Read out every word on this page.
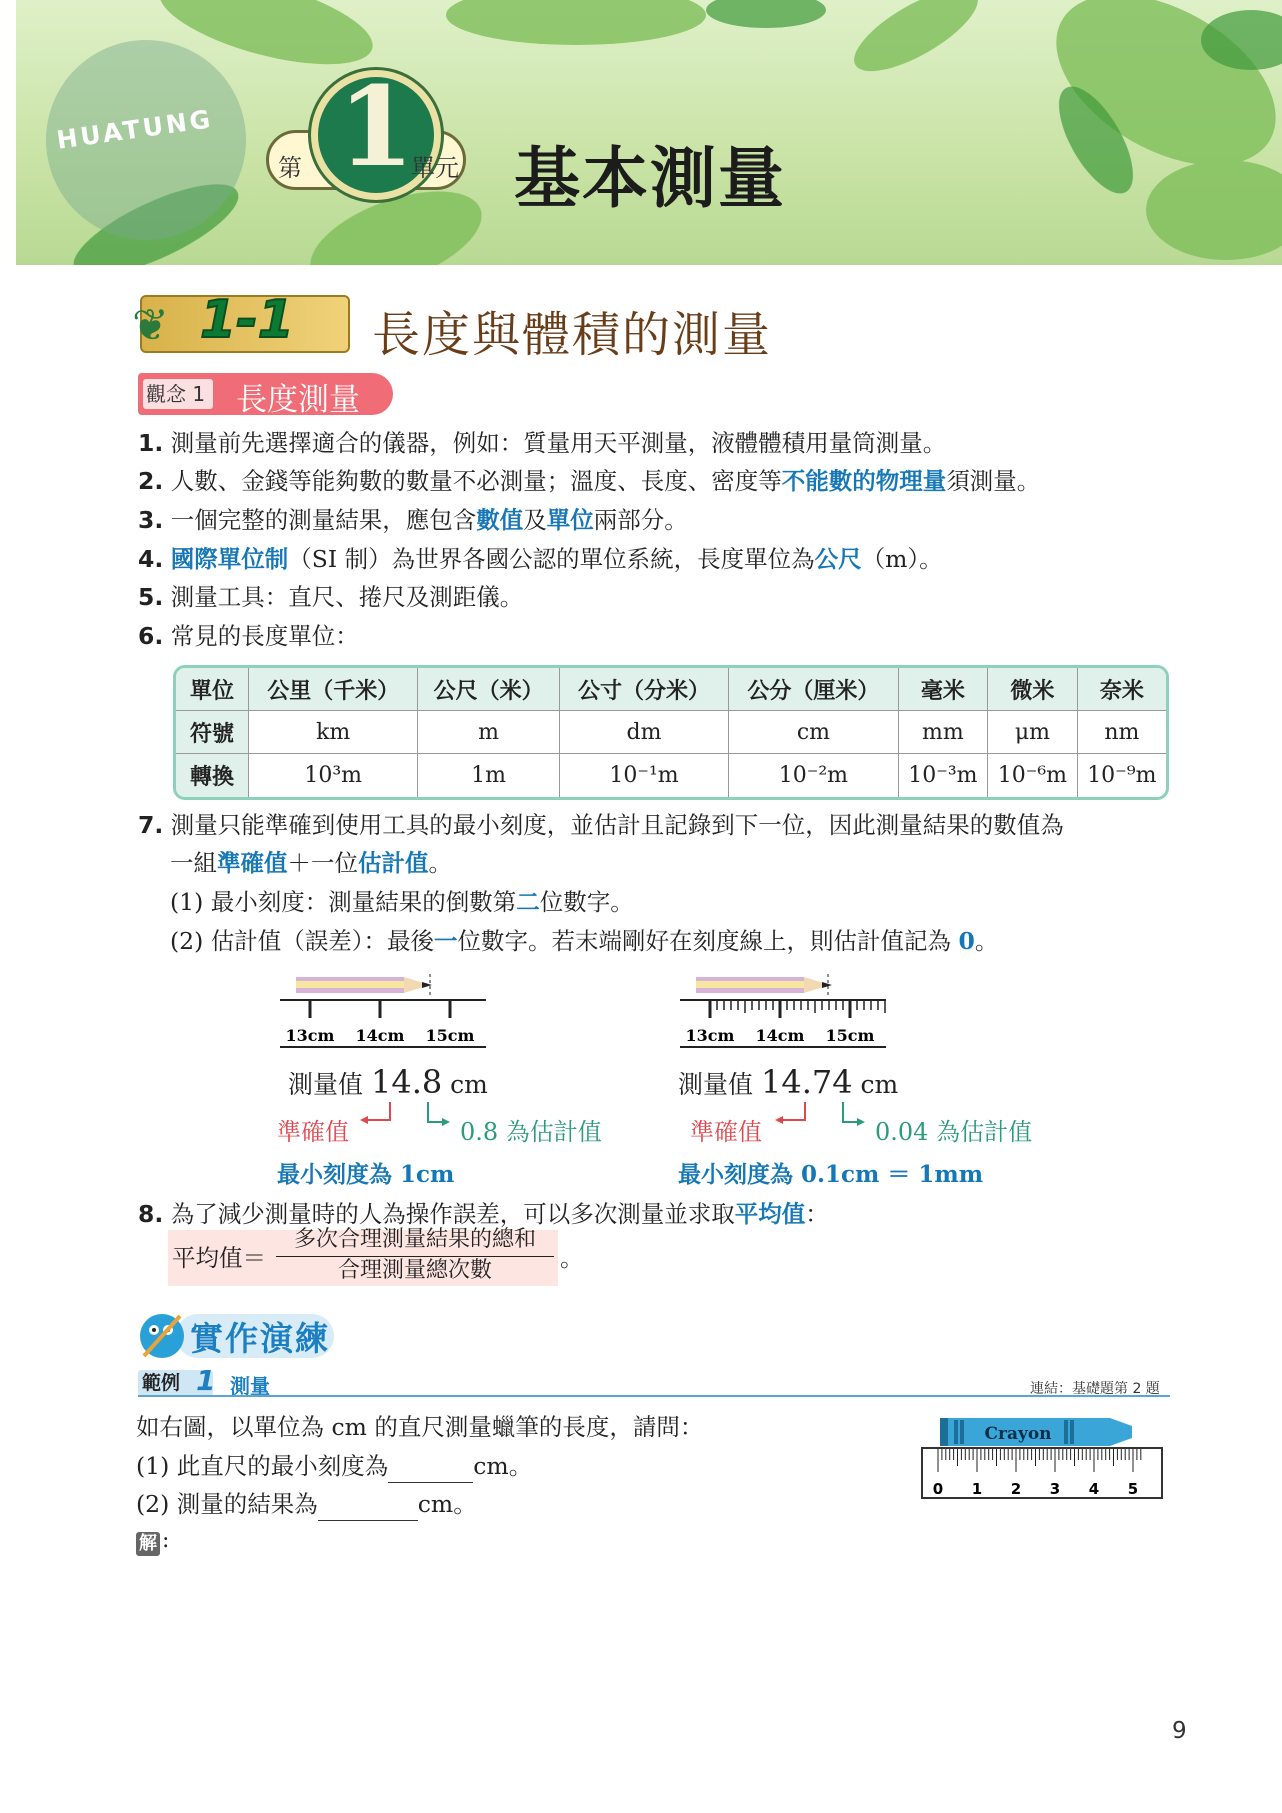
HUATUNG 1
第	單元 基本測量
❦ 1-1 長度與體積的測量
觀念 1 長度測量
1. 測量前先選擇適合的儀器，例如：質量用天平測量，液體體積用量筒測量。
2. 人數、金錢等能夠數的數量不必測量；溫度、長度、密度等不能數的物理量須測量。
3. 一個完整的測量結果，應包含數值及單位兩部分。
4. 國際單位制（SI 制）為世界各國公認的單位系統，長度單位為公尺（m）。
5. 測量工具：直尺、捲尺及測距儀。
6. 常見的長度單位：
單位	公里（千米）	公尺（米）	公寸（分米）	公分（厘米）	毫米	微米	奈米
符號	km	m	dm	cm	mm	μm	nm
轉換	10³m	1m	10⁻¹m	10⁻²m	10⁻³m	10⁻⁶m	10⁻⁹m
7. 測量只能準確到使用工具的最小刻度，並估計且記錄到下一位，因此測量結果的數值為
一組準確值＋一位估計值。
(1) 最小刻度：測量結果的倒數第二位數字。
(2) 估計值（誤差）：最後一位數字。若末端剛好在刻度線上，則估計值記為 0。
13cm 14cm 15cm
測量值 14.8 cm
準確值	0.8 為估計值
最小刻度為 1cm
13cm 14cm 15cm
測量值 14.74 cm
準確值	0.04 為估計值
最小刻度為 0.1cm ＝ 1mm
8. 為了減少測量時的人為操作誤差，可以多次測量並求取平均值：
平均值＝
多次合理測量結果的總和
合理測量總次數	。
實作演練
範例 1 測量	連結：基礎題第 2 題
如右圖，以單位為 cm 的直尺測量蠟筆的長度，請問：
(1) 此直尺的最小刻度為	cm。
(2) 測量的結果為	cm。
解 :
Crayon
0 1 2 3 4 5
9
